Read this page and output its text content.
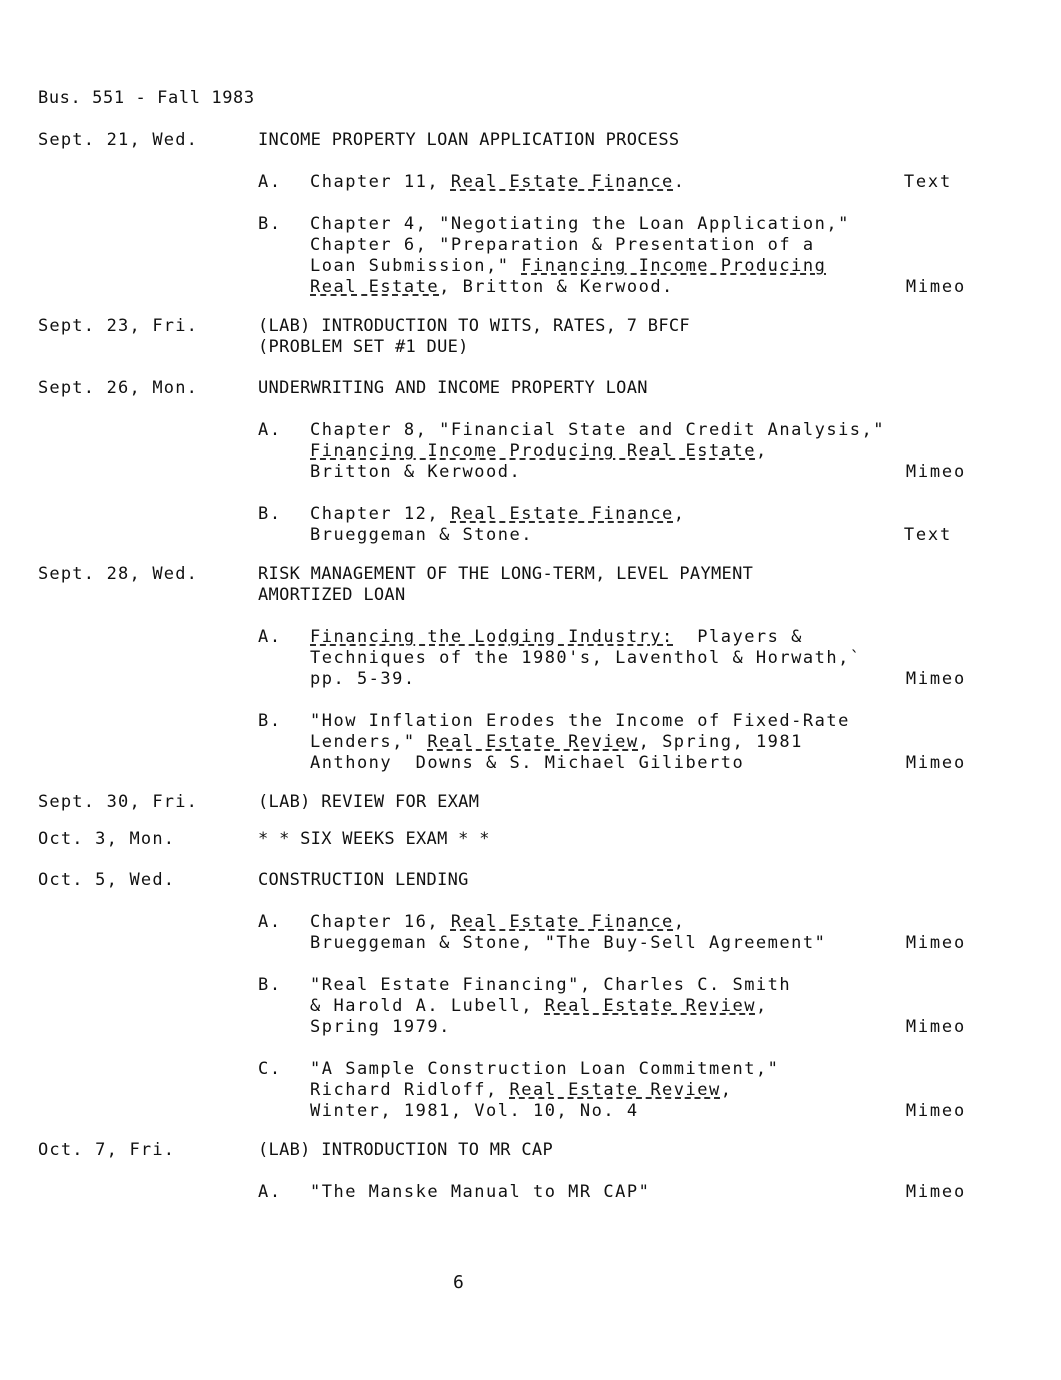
Bus. 551 - Fall 1983
Sept. 21, Wed.	INCOME PROPERTY LOAN APPLICATION PROCESS
A.	Chapter 11, Real Estate Finance.	Text
B.	Chapter 4, "Negotiating the Loan Application,"
Chapter 6, "Preparation & Presentation of a
Loan Submission," Financing Income Producing
Real Estate, Britton & Kerwood.	Mimeo
Sept. 23, Fri.	(LAB) INTRODUCTION TO WITS, RATES, 7 BFCF
(PROBLEM SET #1 DUE)
Sept. 26, Mon.	UNDERWRITING AND INCOME PROPERTY LOAN
A.	Chapter 8, "Financial State and Credit Analysis,"
Financing Income Producing Real Estate,
Britton & Kerwood.	Mimeo
B.	Chapter 12, Real Estate Finance,
Brueggeman & Stone.	Text
Sept. 28, Wed.	RISK MANAGEMENT OF THE LONG-TERM, LEVEL PAYMENT
AMORTIZED LOAN
A.	Financing the Lodging Industry:  Players &
Techniques of the 1980's, Laventhol & Horwath,`
pp. 5-39.	Mimeo
B.	"How Inflation Erodes the Income of Fixed-Rate
Lenders," Real Estate Review, Spring, 1981
Anthony  Downs & S. Michael Giliberto	Mimeo
Sept. 30, Fri.	(LAB) REVIEW FOR EXAM
Oct. 3, Mon.	* * SIX WEEKS EXAM * *
Oct. 5, Wed.	CONSTRUCTION LENDING
A.	Chapter 16, Real Estate Finance,
Brueggeman & Stone, "The Buy-Sell Agreement"	Mimeo
B.	"Real Estate Financing", Charles C. Smith
& Harold A. Lubell, Real Estate Review,
Spring 1979.	Mimeo
C.	"A Sample Construction Loan Commitment,"
Richard Ridloff, Real Estate Review,
Winter, 1981, Vol. 10, No. 4	Mimeo
Oct. 7, Fri.	(LAB) INTRODUCTION TO MR CAP
A.	"The Manske Manual to MR CAP"	Mimeo
6
